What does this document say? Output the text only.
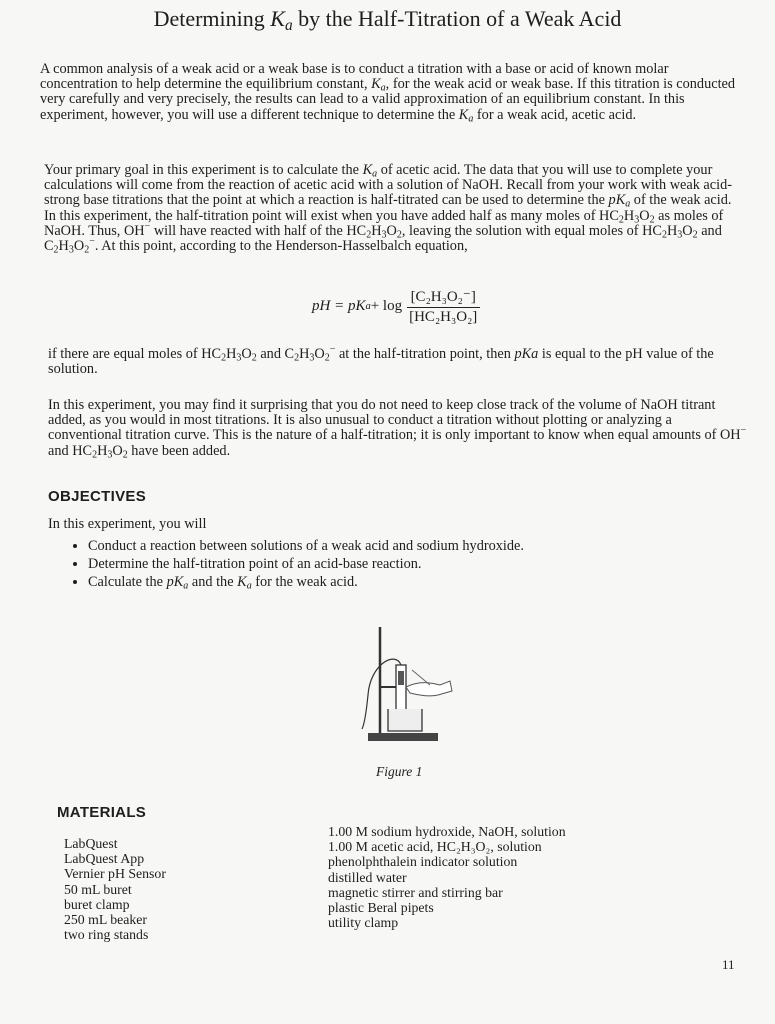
Determining $K_a$ by the Half-Titration of a Weak Acid

A common analysis of a weak acid or a weak base is to conduct a titration with a base or acid of known molar concentration to help determine the equilibrium constant, $K_a$, for the weak acid or weak base. If this titration is conducted very carefully and very precisely, the results can lead to a valid approximation of an equilibrium constant. In this experiment, however, you will use a different technique to determine the $K_a$ for a weak acid, acetic acid.

Your primary goal in this experiment is to calculate the $K_a$ of acetic acid. The data that you will use to complete your calculations will come from the reaction of acetic acid with a solution of NaOH. Recall from your work with weak acid-strong base titrations that the point at which a reaction is half-titrated can be used to determine the $pK_a$ of the weak acid. In this experiment, the half-titration point will exist when you have added half as many moles of $HC_2H_3O_2$ as moles of NaOH. Thus, OH− will have reacted with half of the $HC_2H_3O_2$, leaving the solution with equal moles of $HC_2H_3O_2$ and $C_2H_3O_2^-$. At this point, according to the Henderson-Hasselbalch equation,

pH = pK $a + \log \frac{\text{[C₂H₃O₂⁻]}}{\text{[HC₂H₃O₂]}}$

if there are equal moles of $HC_2H_3O_2$ and $C_2H_3O_2^-$ at the half-titration point, then pKa is equal to the pH value of the solution.

In this experiment, you may find it surprising that you do not need to keep close track of the volume of NaOH titrant added, as you would in most titrations. It is also unusual to conduct a titration without plotting or analyzing a conventional titration curve. This is the nature of a half-titration; it is only important to know when equal amounts of OH− and $HC_2H_3O_2$ have been added.

OBJECTIVES

In this experiment, you will

• Conduct a reaction between solutions of a weak acid and sodium hydroxide.
• Determine the half-titration point of an acid-base reaction.
• Calculate the $pK_a$ and the $K_a$ for the weak acid.
Figure 1
MATERIALS
LabQuest
LabQuest App
Vernier pH Sensor
50 mL buret
buret clamp
250 mL beaker
two ring stands
1.00 M sodium hydroxide, NaOH, solution
1.00 M acetic acid, HC₂H₃O₂, solution
phenolphthalein indicator solution
distilled water
magnetic stirrer and stirring bar
plastic Beral pipets
utility clamp
11
